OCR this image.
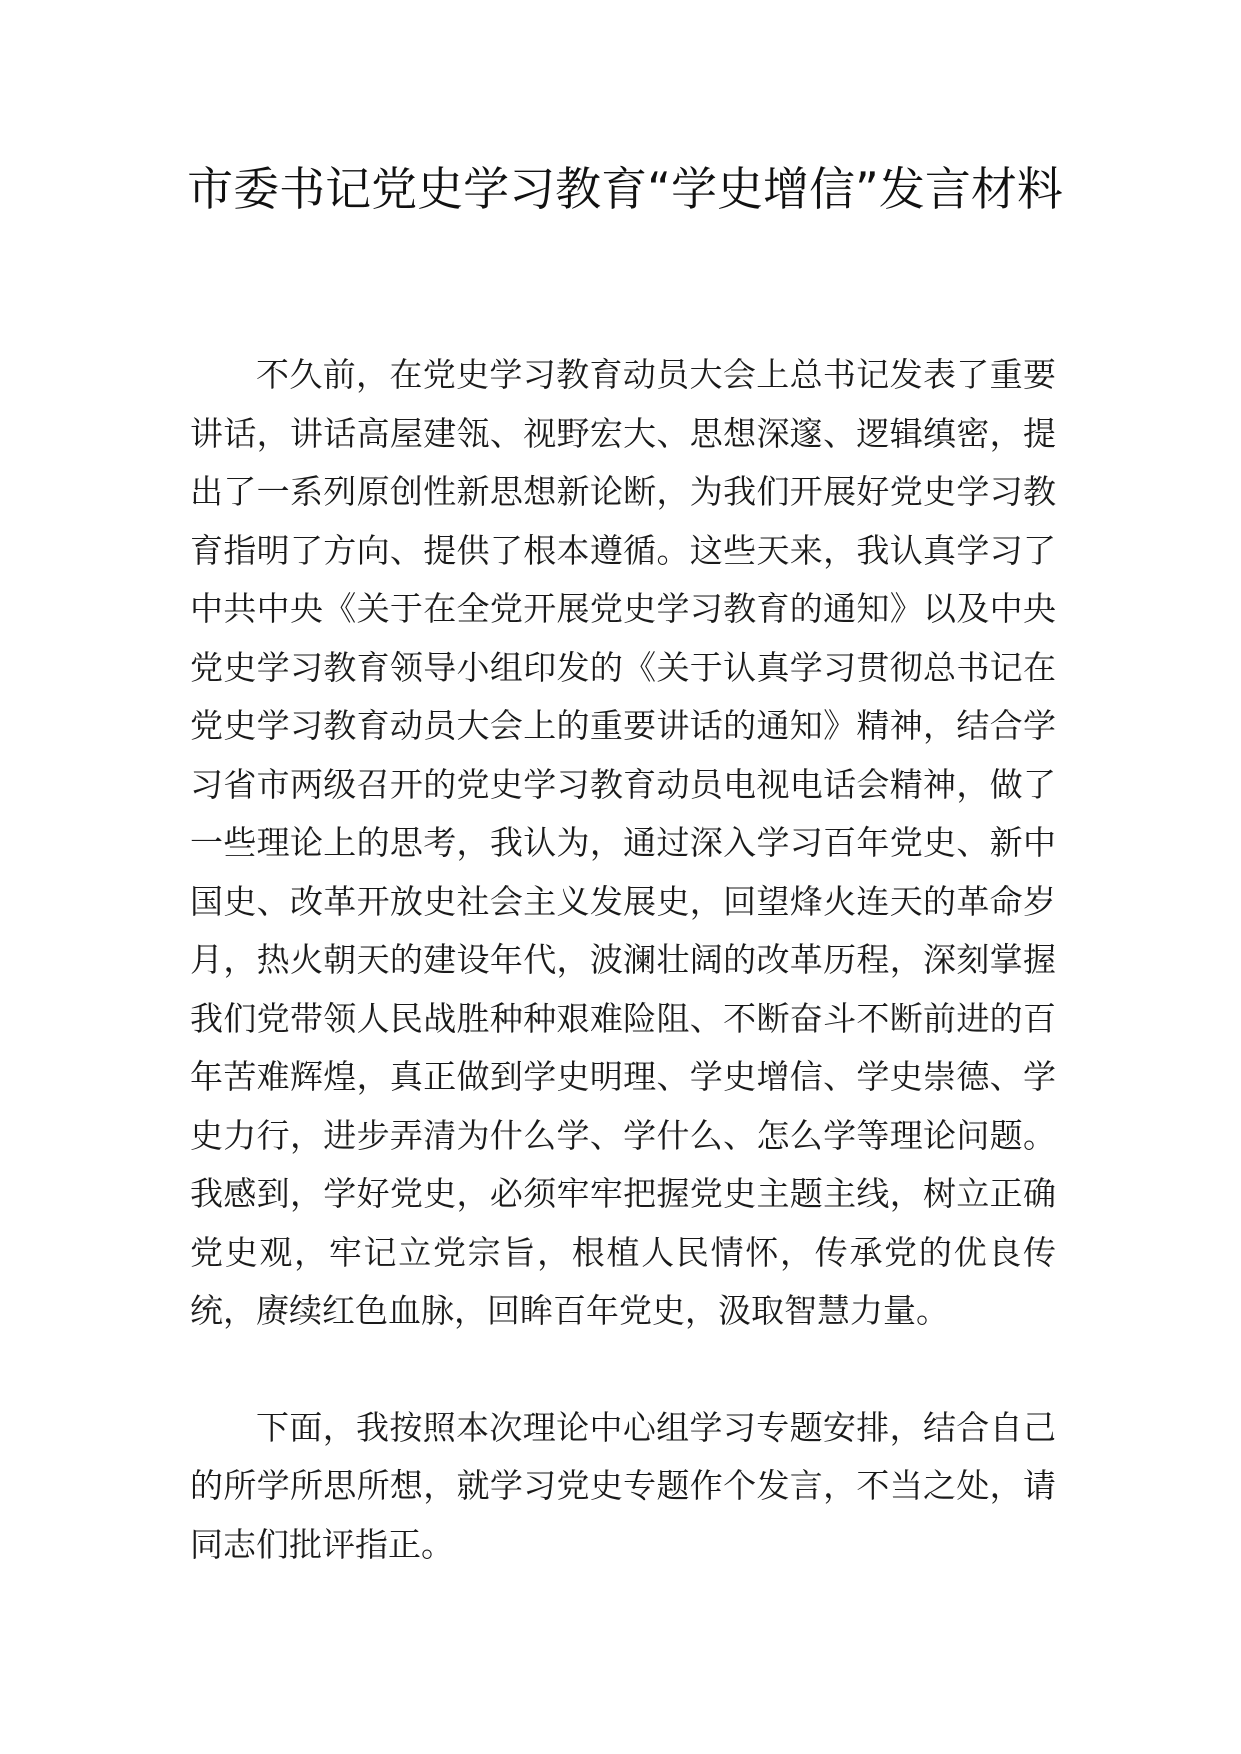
市委书记党史学习教育“学史增信”发言材料

不久前，在党史学习教育动员大会上总书记发表了重要讲话，讲话高屋建瓴、视野宏大、思想深邃、逻辑缜密，提出了一系列原创性新思想新论断，为我们开展好党史学习教育指明了方向、提供了根本遵循。这些天来，我认真学习了中共中央《关于在全党开展党史学习教育的通知》以及中央党史学习教育领导小组印发的《关于认真学习贯彻总书记在党史学习教育动员大会上的重要讲话的通知》精神，结合学习省市两级召开的党史学习教育动员电视电话会精神，做了一些理论上的思考，我认为，通过深入学习百年党史、新中国史、改革开放史社会主义发展史，回望烽火连天的革命岁月，热火朝天的建设年代，波澜壮阔的改革历程，深刻掌握我们党带领人民战胜种种艰难险阻、不断奋斗不断前进的百年苦难辉煌，真正做到学史明理、学史增信、学史崇德、学史力行，进步弄清为什么学、学什么、怎么学等理论问题。我感到，学好党史，必须牢牢把握党史主题主线，树立正确党史观，牢记立党宗旨，根植人民情怀，传承党的优良传统，赓续红色血脉，回眸百年党史，汲取智慧力量。

下面，我按照本次理论中心组学习专题安排，结合自己的所学所思所想，就学习党史专题作个发言，不当之处，请同志们批评指正。
